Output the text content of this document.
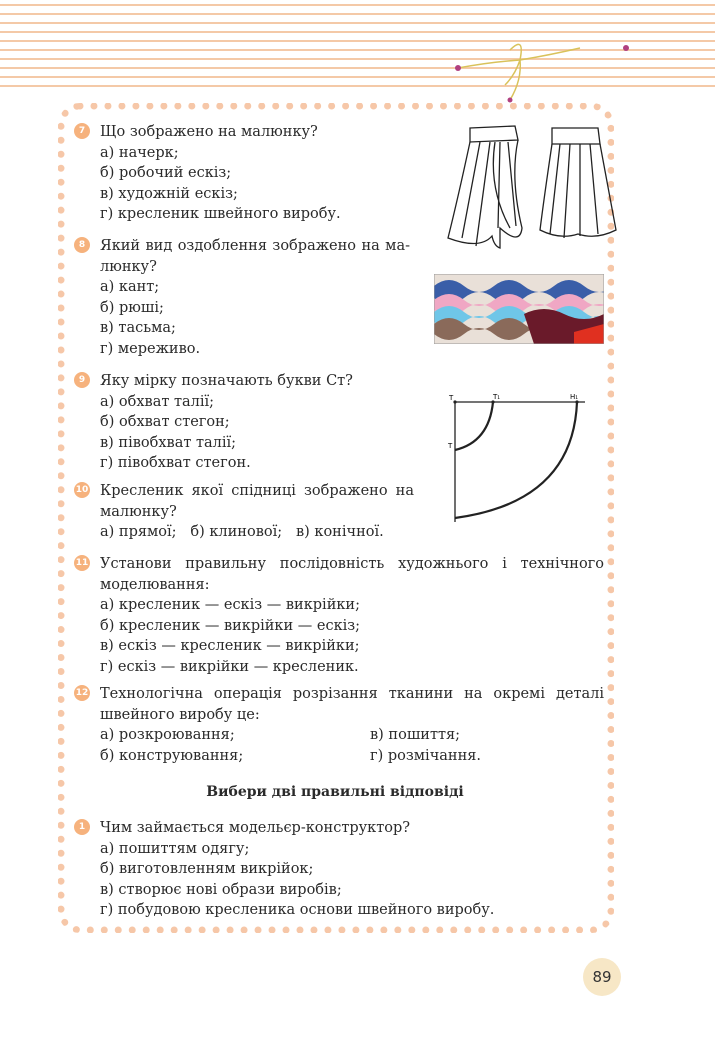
7	Що зображено на малюнку?
а) начерк;
б) робочий ескіз;
в) художній ескіз;
г) кресленик швейного виробу.
8	Який вид оздоблення зображено на ма-
люнку?
а) кант;
б) рюші;
в) тасьма;
г) мереживо.
9	Яку мірку позначають букви Ст?
а) обхват талії;
б) обхват стегон;
в) півобхват талії;
г) півобхват стегон.
Т	Т₁	Н₁
Т
10 Кресленик якої спідниці зображено на
малюнку?
а) прямої; б) клинової; в) конічної.
11 Установи правильну послідовність художнього і технічного
моделювання:
а) кресленик — ескіз — викрійки;
б) кресленик — викрійки — ескіз;
в) ескіз — кресленик — викрійки;
г) ескіз — викрійки — кресленик.
12 Технологічна операція розрізання тканини на окремі деталі
швейного виробу це:
а) розкроювання;	в) пошиття;
б) конструювання;	г) розмічання.
Вибери дві правильні відповіді
1	Чим займається модельєр-конструктор?
а) пошиттям одягу;
б) виготовленням викрійок;
в) створює нові образи виробів;
г) побудовою кресленика основи швейного виробу.
89
